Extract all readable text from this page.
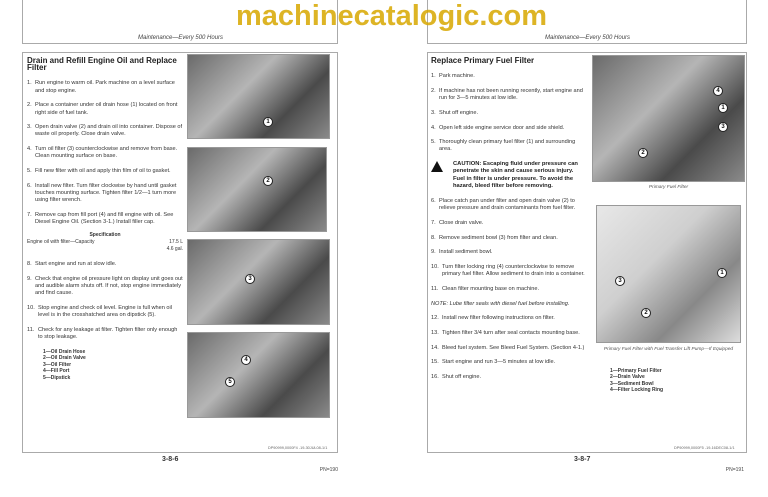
Maintenance—Every 500 Hours
Drain and Refill Engine Oil and Replace Filter
1. Run engine to warm oil. Park machine on a level surface and stop engine.
2. Place a container under oil drain hose (1) located on front right side of fuel tank.
3. Open drain valve (2) and drain oil into container. Dispose of waste oil properly. Close drain valve.
4. Turn oil filter (3) counterclockwise and remove from base. Clean mounting surface on base.
5. Fill new filter with oil and apply thin film of oil to gasket.
6. Install new filter. Turn filter clockwise by hand until gasket touches mounting surface. Tighten filter 1/2—1 turn more using filter wrench.
7. Remove cap from fill port (4) and fill engine with oil. See Diesel Engine Oil. (Section 3-1.) Install filler cap.
Specification
Engine oil with filter—Capacity	17.5 L
4.6 gal.
8. Start engine and run at slow idle.
9. Check that engine oil pressure light on display unit goes out and audible alarm shuts off. If not, stop engine immediately and find cause.
10. Stop engine and check oil level. Engine is full when oil level is in the crosshatched area on dipstick (5).
11. Check for any leakage at filter. Tighten filter only enough to stop leakage.
1—Oil Drain Hose
2—Oil Drain Valve
3—Oil Filter
4—Fill Port
5—Dipstick
1
2
3
4
5
DP90999,0000F4 -19-30JUL08-1/1
3-8-6
PN=190
Maintenance—Every 500 Hours
Replace Primary Fuel Filter
1. Park machine.
2. If machine has not been running recently, start engine and run for 3—5 minutes at low idle.
3. Shut off engine.
4. Open left side engine service door and side shield.
5. Thoroughly clean primary fuel filter (1) and surrounding area.
CAUTION: Escaping fluid under pressure can penetrate the skin and cause serious injury. Fuel in filter is under pressure. To avoid the hazard, bleed filter before removing.
6. Place catch pan under filter and open drain valve (2) to relieve pressure and drain contaminants from fuel filter.
7. Close drain valve.
8. Remove sediment bowl (3) from filter and clean.
9. Install sediment bowl.
10. Turn filter locking ring (4) counterclockwise to remove primary fuel filter. Allow sediment to drain into a container.
11. Clean filter mounting base on machine.
NOTE: Lube filter seals with diesel fuel before installing.
12. Install new filter following instructions on filter.
13. Tighten filter 3/4 turn after seal contacts mounting base.
14. Bleed fuel system. See Bleed Fuel System. (Section 4-1.)
15. Start engine and run 3—5 minutes at low idle.
16. Shut off engine.
4
1
3
2
Primary Fuel Filter
1
3
2
Primary Fuel Filter with Fuel Transfer Lift Pump—If Equipped
1—Primary Fuel Filter
2—Drain Valve
3—Sediment Bowl
4—Filter Locking Ring
DP90999,0000F5 -19-16DEC08-1/1
3-8-7
PN=191
machinecatalogic.com
